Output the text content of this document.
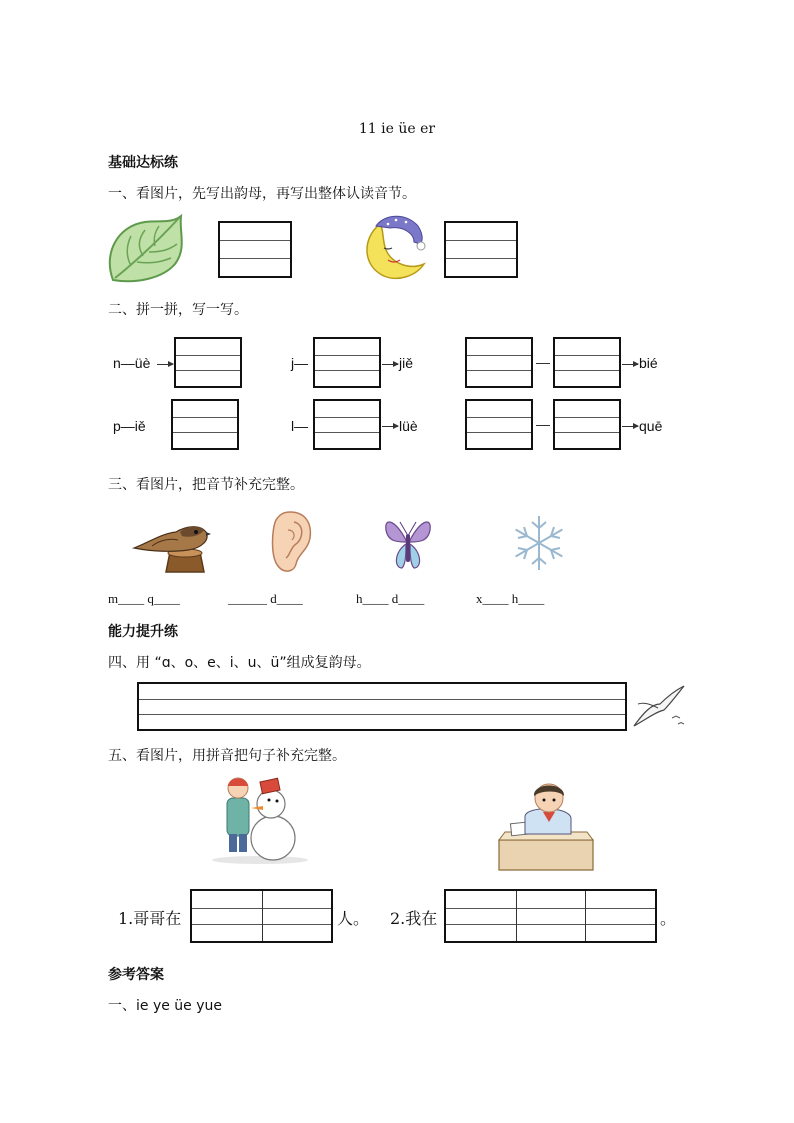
11 ie üe er
基础达标练
一、看图片，先写出韵母，再写出整体认读音节。
二、拼一拼，写一写。
n—üè	j—	jiě	bié
p—iě	l—	lüè	quē
三、看图片，把音节补充完整。
m____ q____	______ d____	h____ d____	x____ h____
能力提升练
四、用 “ɑ、o、e、i、u、ü”组成复韵母。
五、看图片，用拼音把句子补充完整。
1.哥哥在	人。 2.我在	。
参考答案
一、ie ye üe yue
